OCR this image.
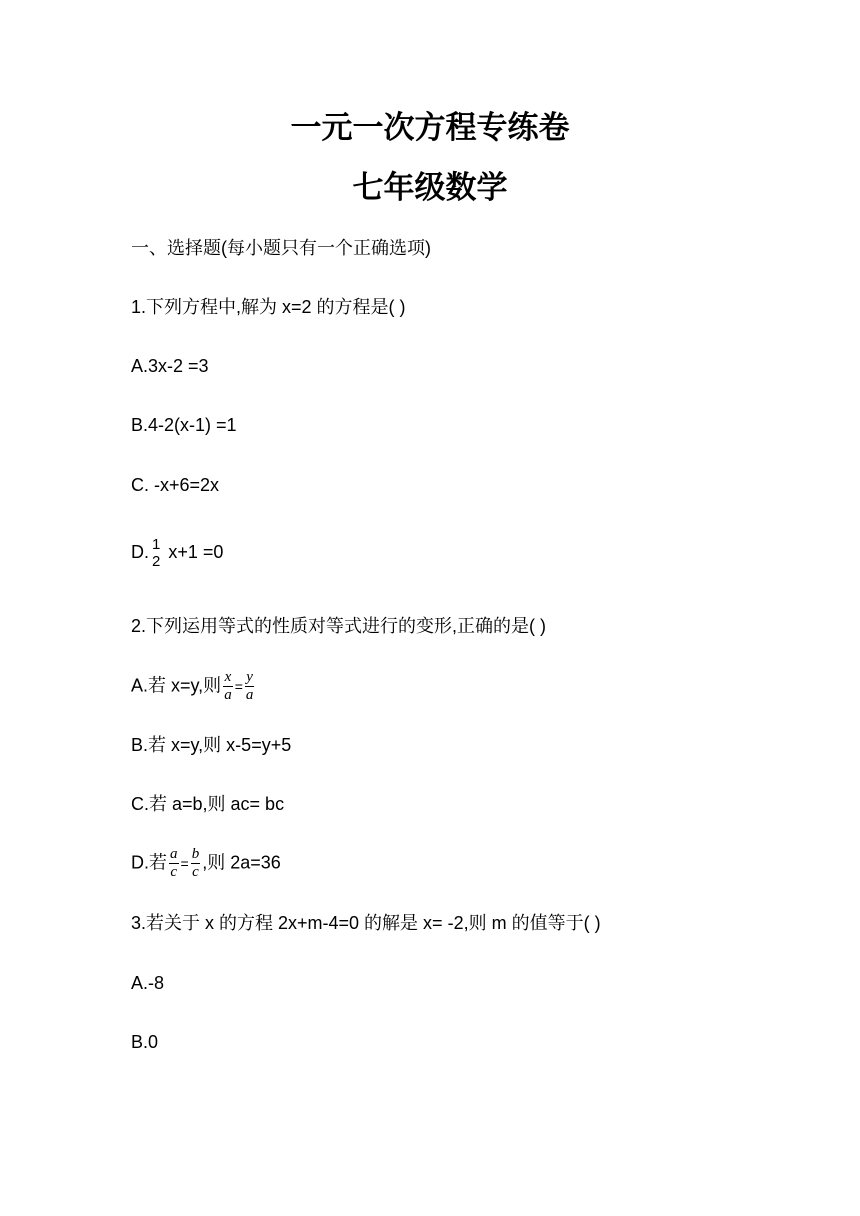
一元一次方程专练卷
七年级数学
一、选择题(每小题只有一个正确选项)
1.下列方程中,解为 x=2 的方程是( )
A.3x-2 =3
B.4-2(x-1) =1
C. -x+6=2x
D. 1
2 x+1 =0
2.下列运用等式的性质对等式进行的变形,正确的是( )
A.若 x=y,则 $\frac{x}{a} = \frac{y}{a}$
B.若 x=y,则 x-5=y+5
C.若 a=b,则 ac= bc
D.若 $\frac{a}{c} = \frac{b}{c}$ ,则 2a=36
3.若关于 x 的方程 2x+m-4=0 的解是 x= -2,则 m 的值等于( )
A.-8
B.0
